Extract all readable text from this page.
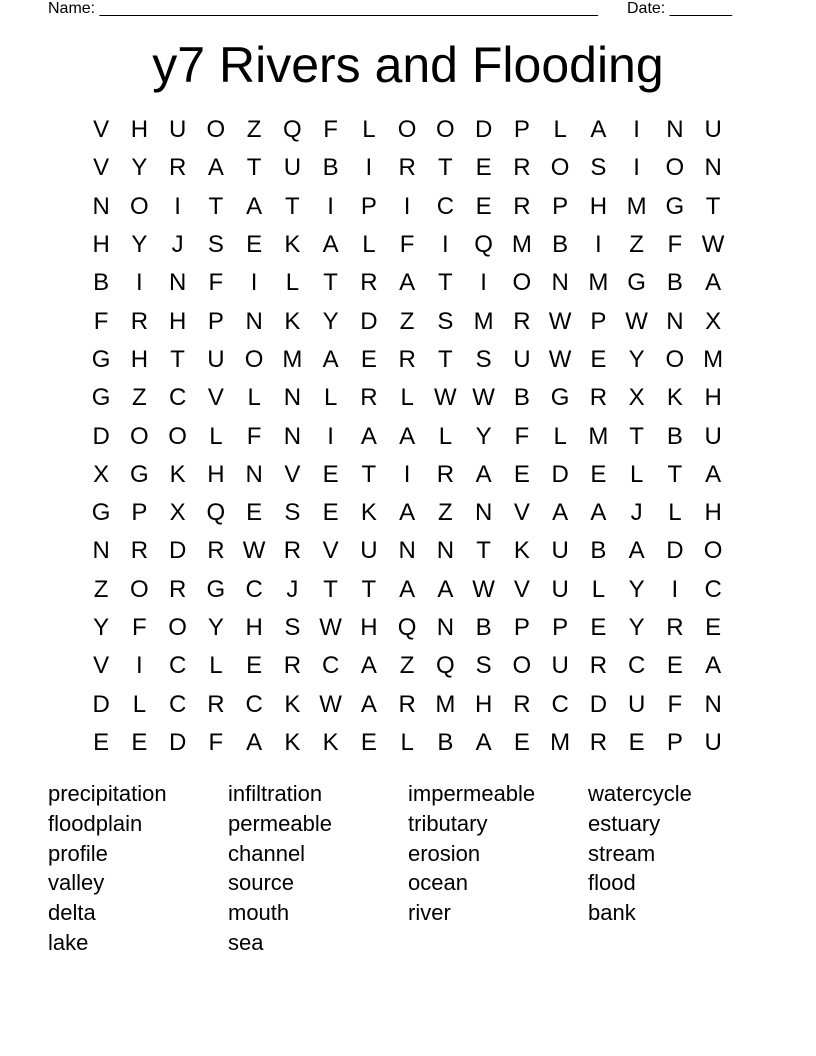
Name: ________________________________________________________ Date: _______
y7 Rivers and Flooding
V H U O Z Q F	L O O D P L A	I	N U
V Y R A T U B	I	R T E R O S	I	O N
N O	I	T A T	I	P	I	C E R P H M G T
H Y	J	S E K A L	F	I	Q M B	I	Z F W
B	I	N F	I	L	T R A T	I	O N M G B A
F R H P N K Y D Z S M R W P W N X
G H T U O M A E R T S U W E Y O M
G Z C V L N L R L W W B G R X K H
D O O L	F N	I	A A L Y F	L M T B U
X G K H N V E T	I	R A E D E L	T A
G P X Q E S E K A Z N V A A	J	L H
N R D R W R V U N N T K U B A D O
Z O R G C J	T T A A W V U L Y	I	C
Y F O Y H S W H Q N B P P E Y R E
V	I	C L E R C A Z Q S O U R C E A
D L C R C K W A R M H R C D U F N
E E D F A K K E L B A E M R E P U
precipitation	infiltration	impermeable	watercycle
floodplain	permeable	tributary	estuary
profile	channel	erosion	stream
valley	source	ocean	flood
delta	mouth	river	bank
lake	sea
